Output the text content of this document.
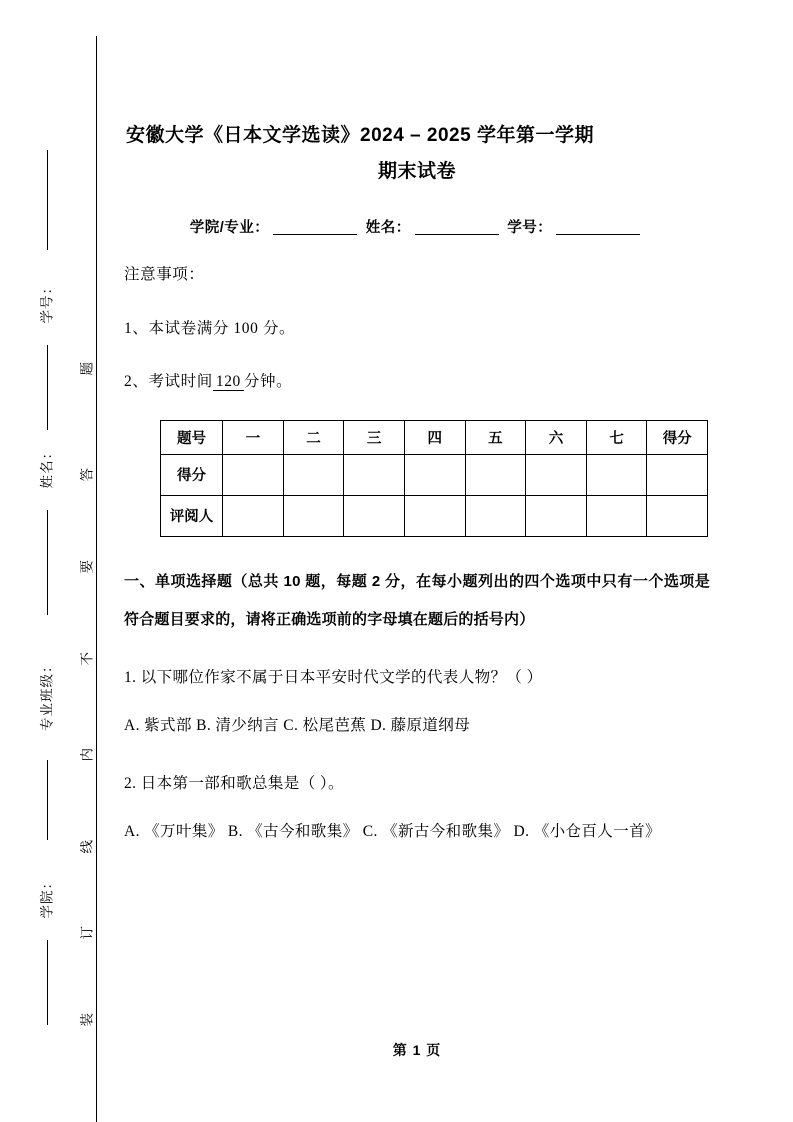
学号：
姓名：
专业班级：
学院：
题
答
要
不
内
线
订
装
安徽大学《日本文学选读》2024 – 2025 学年第一学期
期末试卷
学院/专业：	姓名：	学号：
注意事项：
1、本试卷满分 100 分。
2、考试时间 120 分钟。
题号	一	二	三	四	五	六	七	得分
得分								
评阅人								
一、单项选择题（总共 10 题，每题 2 分，在每小题列出的四个选项中只有一个选项是符合题目要求的，请将正确选项前的字母填在题后的括号内）
1. 以下哪位作家不属于日本平安时代文学的代表人物？（ ）
A. 紫式部 B. 清少纳言 C. 松尾芭蕉 D. 藤原道纲母
2. 日本第一部和歌总集是（ ）。
A. 《万叶集》 B. 《古今和歌集》 C. 《新古今和歌集》 D. 《小仓百人一首》
第 1 页
